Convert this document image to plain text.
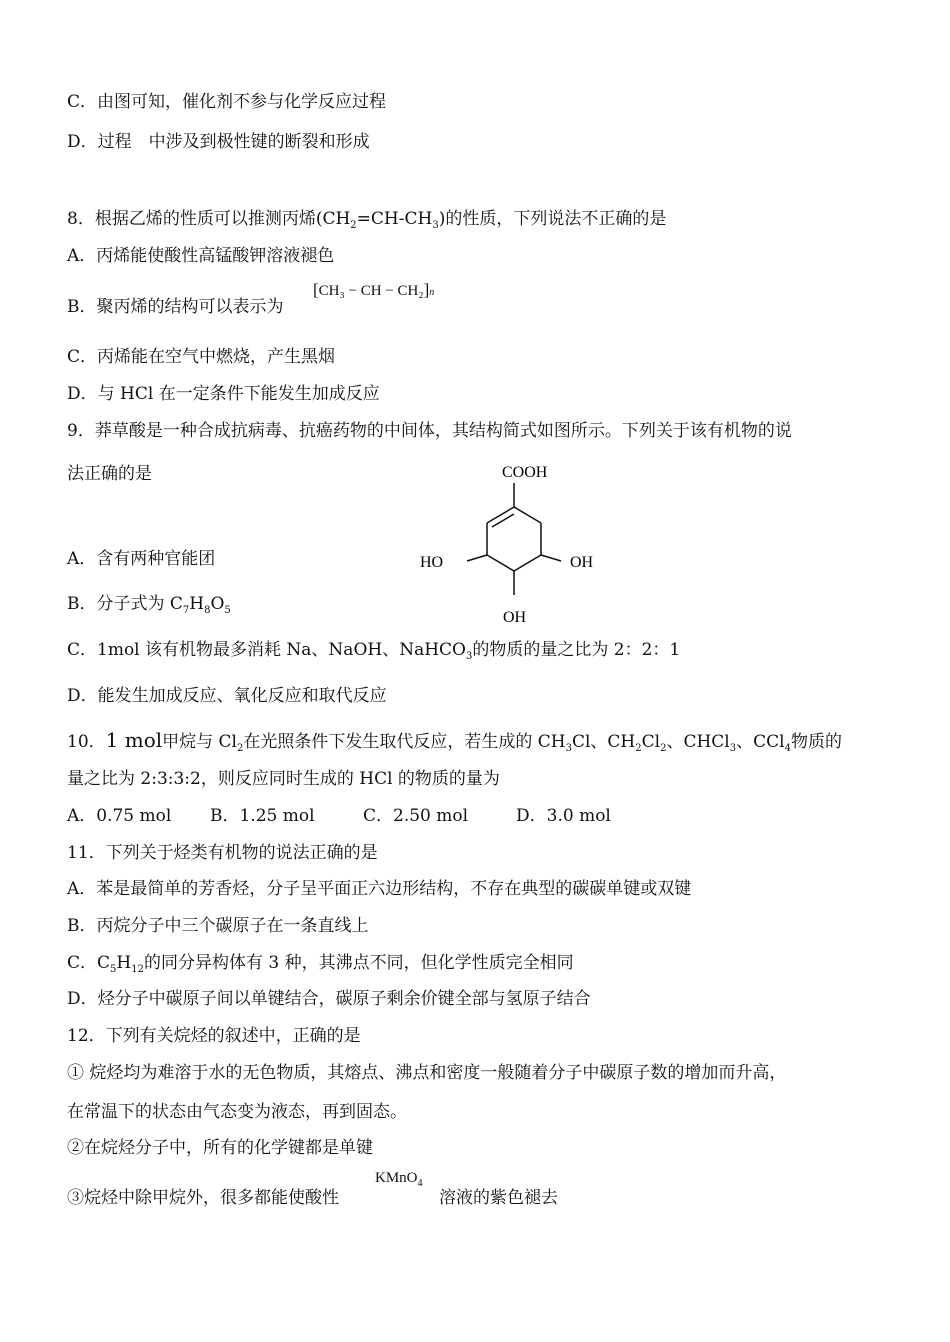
C．由图可知，催化剂不参与化学反应过程
D．过程　中涉及到极性键的断裂和形成
8．根据乙烯的性质可以推测丙烯$(CH_2=CH-CH_3)$的性质，下列说法不正确的是
A．丙烯能使酸性高锰酸钾溶液褪色
B．聚丙烯的结构可以表示为
[CH₃ − CH − CH₂]n
C．丙烯能在空气中燃烧，产生黑烟
D．与 HCl 在一定条件下能发生加成反应
9．莽草酸是一种合成抗病毒、抗癌药物的中间体，其结构简式如图所示。下列关于该有机物的说
法正确的是
A．含有两种官能团
B．分子式为 $C_7H_8O_5$
COOH
HO	OH
OH
C．1mol 该有机物最多消耗 Na、NaOH、NaHCO$_3$的物质的量之比为 2：2：1
D．能发生加成反应、氧化反应和取代反应
10．1 mol甲烷与 $Cl_2$在光照条件下发生取代反应，若生成的 $CH_3Cl$、$CH_2Cl_2$、CHCl$_3$、CCl$_4$物质的
量之比为 2:3:3:2，则反应同时生成的 HCl 的物质的量为
A．0.75 mol B．1.25 mol	C．2.50 mol	D．3.0 mol
11．下列关于烃类有机物的说法正确的是
A．苯是最简单的芳香烃，分子呈平面正六边形结构，不存在典型的碳碳单键或双键
B．丙烷分子中三个碳原子在一条直线上
C．$C_5H_{12}$的同分异构体有 3 种，其沸点不同，但化学性质完全相同
D．烃分子中碳原子间以单键结合，碳原子剩余价键全部与氢原子结合
12．下列有关烷烃的叙述中，正确的是
① 烷烃均为难溶于水的无色物质，其熔点、沸点和密度一般随着分子中碳原子数的增加而升高，
在常温下的状态由气态变为液态，再到固态。
②在烷烃分子中，所有的化学键都是单键
③烷烃中除甲烷外，很多都能使酸性
KMnO$_4$
溶液的紫色褪去
